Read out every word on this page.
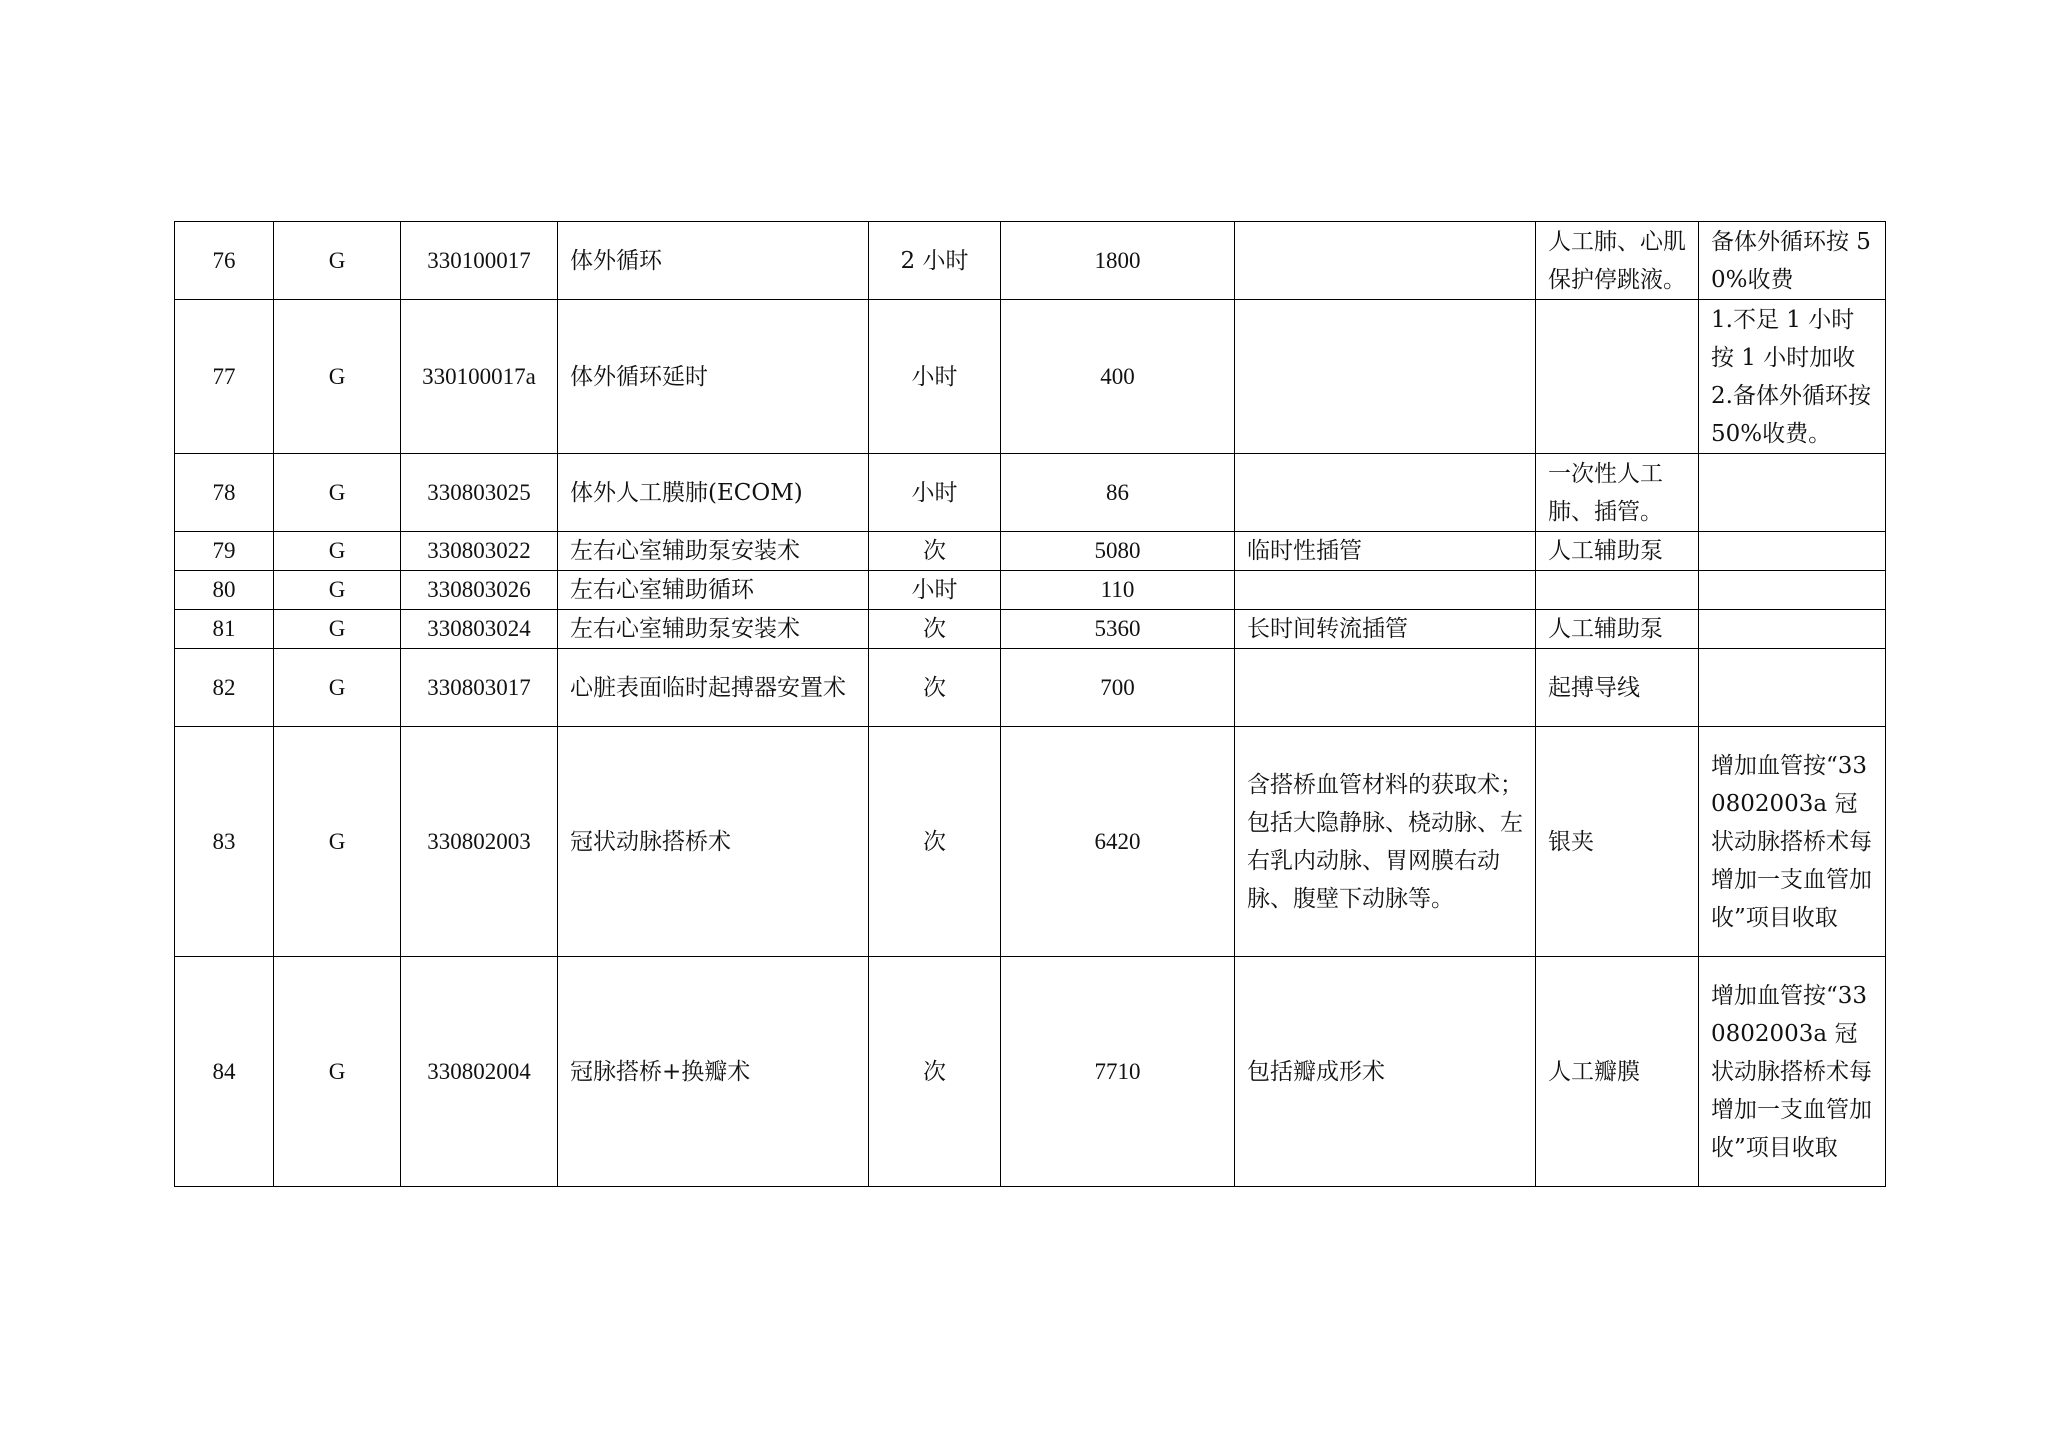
76	G	330100017	体外循环	2 小时	1800		人工肺、心肌保护停跳液。	备体外循环按 50%收费
77	G	330100017a	体外循环延时	小时	400			1.不足 1 小时按 1 小时加收
2.备体外循环按 50%收费。
78	G	330803025	体外人工膜肺(ECOM)	小时	86		一次性人工肺、插管。	
79	G	330803022	左右心室辅助泵安装术	次	5080	临时性插管	人工辅助泵	
80	G	330803026	左右心室辅助循环	小时	110			
81	G	330803024	左右心室辅助泵安装术	次	5360	长时间转流插管	人工辅助泵	
82	G	330803017	心脏表面临时起搏器安置术	次	700		起搏导线	
83	G	330802003	冠状动脉搭桥术	次	6420	含搭桥血管材料的获取术；包括大隐静脉、桡动脉、左右乳内动脉、胃网膜右动脉、腹壁下动脉等。	银夹	增加血管按“330802003a 冠状动脉搭桥术每增加一支血管加收”项目收取
84	G	330802004	冠脉搭桥+换瓣术	次	7710	包括瓣成形术	人工瓣膜	增加血管按“330802003a 冠状动脉搭桥术每增加一支血管加收”项目收取
